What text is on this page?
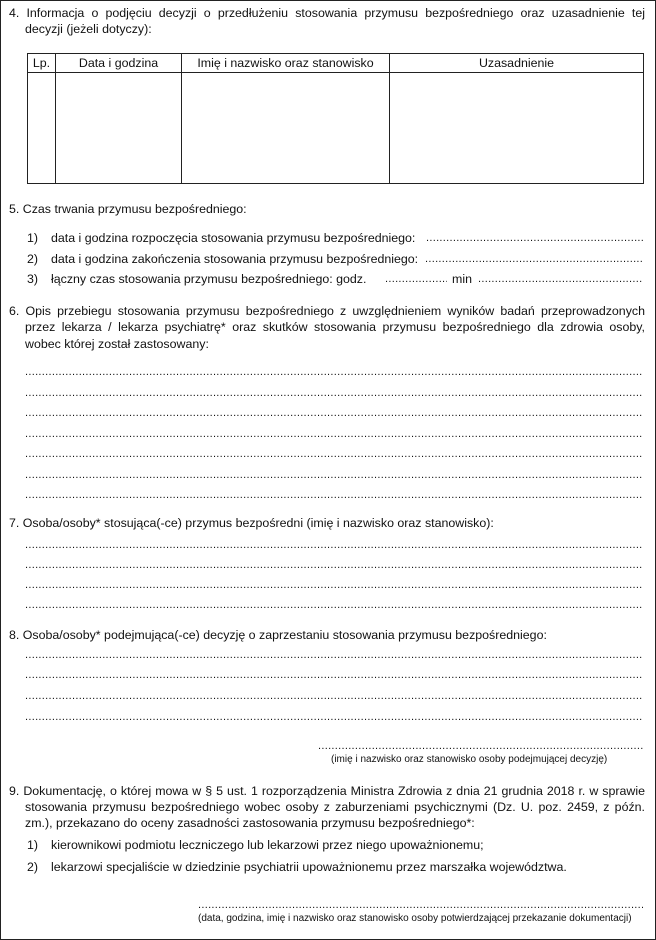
4. Informacja o podjęciu decyzji o przedłużeniu stosowania przymusu bezpośredniego oraz uzasadnienie tej
decyzji (jeżeli dotyczy):
Lp.	Data i godzina	Imię i nazwisko oraz stanowisko	Uzasadnienie

5. Czas trwania przymusu bezpośredniego:
1) data i godzina rozpoczęcia stosowania przymusu bezpośredniego:
.....
2) data i godzina zakończenia stosowania przymusu bezpośredniego:
.....
3) łączny czas stosowania przymusu bezpośredniego: godz. .....	min
.....
6. Opis przebiegu stosowania przymusu bezpośredniego z uwzględnieniem wyników badań przeprowadzonych
przez lekarza / lekarza psychiatrę* oraz skutków stosowania przymusu bezpośredniego dla zdrowia osoby,
wobec której został zastosowany:
.....
.....
.....
.....
.....
.....
.....
7. Osoba/osoby* stosująca(-ce) przymus bezpośredni (imię i nazwisko oraz stanowisko):
.....
.....
.....
.....
8. Osoba/osoby* podejmująca(-ce) decyzję o zaprzestaniu stosowania przymusu bezpośredniego:
.....
.....
.....
.....
.....
(imię i nazwisko oraz stanowisko osoby podejmującej decyzję)
9. Dokumentację, o której mowa w § 5 ust. 1 rozporządzenia Ministra Zdrowia z dnia 21 grudnia 2018 r. w sprawie
stosowania przymusu bezpośredniego wobec osoby z zaburzeniami psychicznymi (Dz. U. poz. 2459, z późn.
zm.), przekazano do oceny zasadności zastosowania przymusu bezpośredniego*:
1) kierownikowi podmiotu leczniczego lub lekarzowi przez niego upoważnionemu;
2) lekarzowi specjaliście w dziedzinie psychiatrii upoważnionemu przez marszałka województwa.
.....
(data, godzina, imię i nazwisko oraz stanowisko osoby potwierdzającej przekazanie dokumentacji)
